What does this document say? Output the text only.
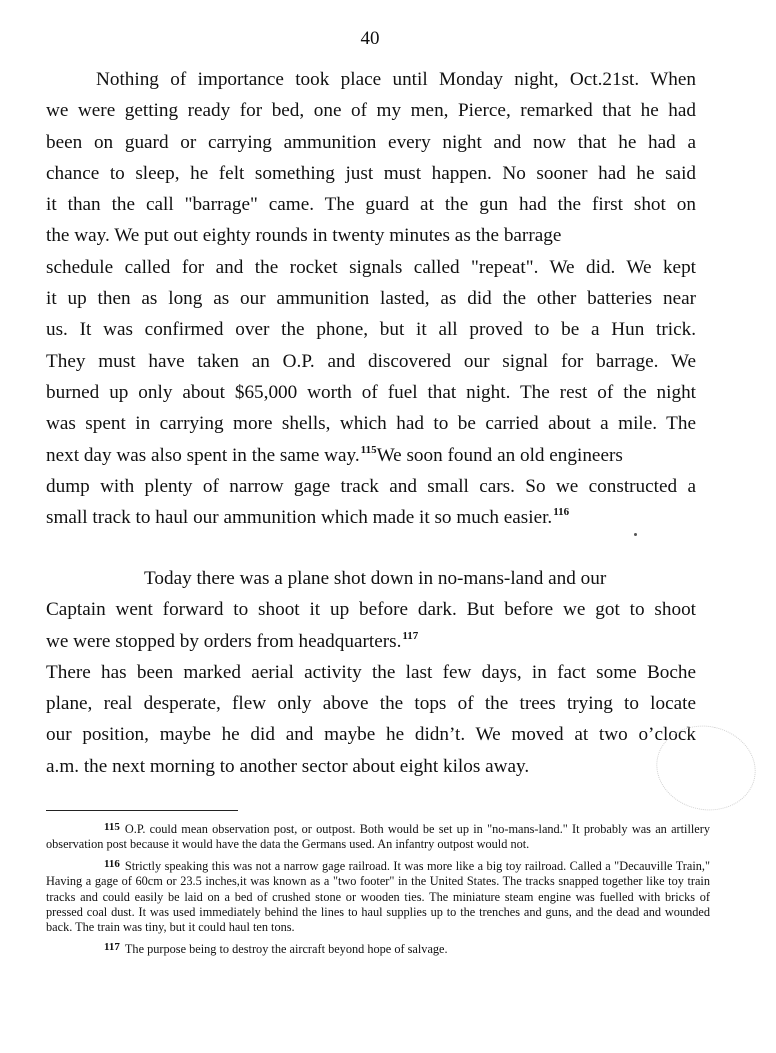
40
Nothing of importance took place until Monday night, Oct.21st. When
we were getting ready for bed, one of my men, Pierce, remarked that he had
been on guard or carrying ammunition every night and now that he had a
chance to sleep, he felt something just must happen. No sooner had he said
it than the call "barrage" came. The guard at the gun had the first shot on
the way. We put out eighty rounds in twenty minutes as the barrage
schedule called for and the rocket signals called "repeat". We did. We kept
it up then as long as our ammunition lasted, as did the other batteries near
us. It was confirmed over the phone, but it all proved to be a Hun trick.
They must have taken an O.P. and discovered our signal for barrage. We
burned up only about $65,000 worth of fuel that night. The rest of the night
was spent in carrying more shells, which had to be carried about a mile. The
next day was also spent in the same way.$^{115}$We soon found an old engineers
dump with plenty of narrow gage track and small cars. So we constructed a
small track to haul our ammunition which made it so much easier.$^{116}$
Today there was a plane shot down in no-mans-land and our
Captain went forward to shoot it up before dark. But before we got to shoot
we were stopped by orders from headquarters.$^{117}$
There has been marked aerial activity the last few days, in fact some Boche
plane, real desperate, flew only above the tops of the trees trying to locate
our position, maybe he did and maybe he didn’t. We moved at two o’clock
a.m. the next morning to another sector about eight kilos away.
$^{115}$ O.P. could mean observation post, or outpost. Both would be set up in "no-mans-land." It probably was an artillery observation post because it would have the data the Germans used. An infantry outpost would not.
$^{116}$ Strictly speaking this was not a narrow gage railroad. It was more like a big toy railroad. Called a "Decauville Train," Having a gage of 60cm or 23.5 inches,it was known as a "two footer" in the United States. The tracks snapped together like toy train tracks and could easily be laid on a bed of crushed stone or wooden ties. The miniature steam engine was fuelled with bricks of pressed coal dust. It was used immediately behind the lines to haul supplies up to the trenches and guns, and the dead and wounded back. The train was tiny, but it could haul ten tons.
$^{117}$ The purpose being to destroy the aircraft beyond hope of salvage.
